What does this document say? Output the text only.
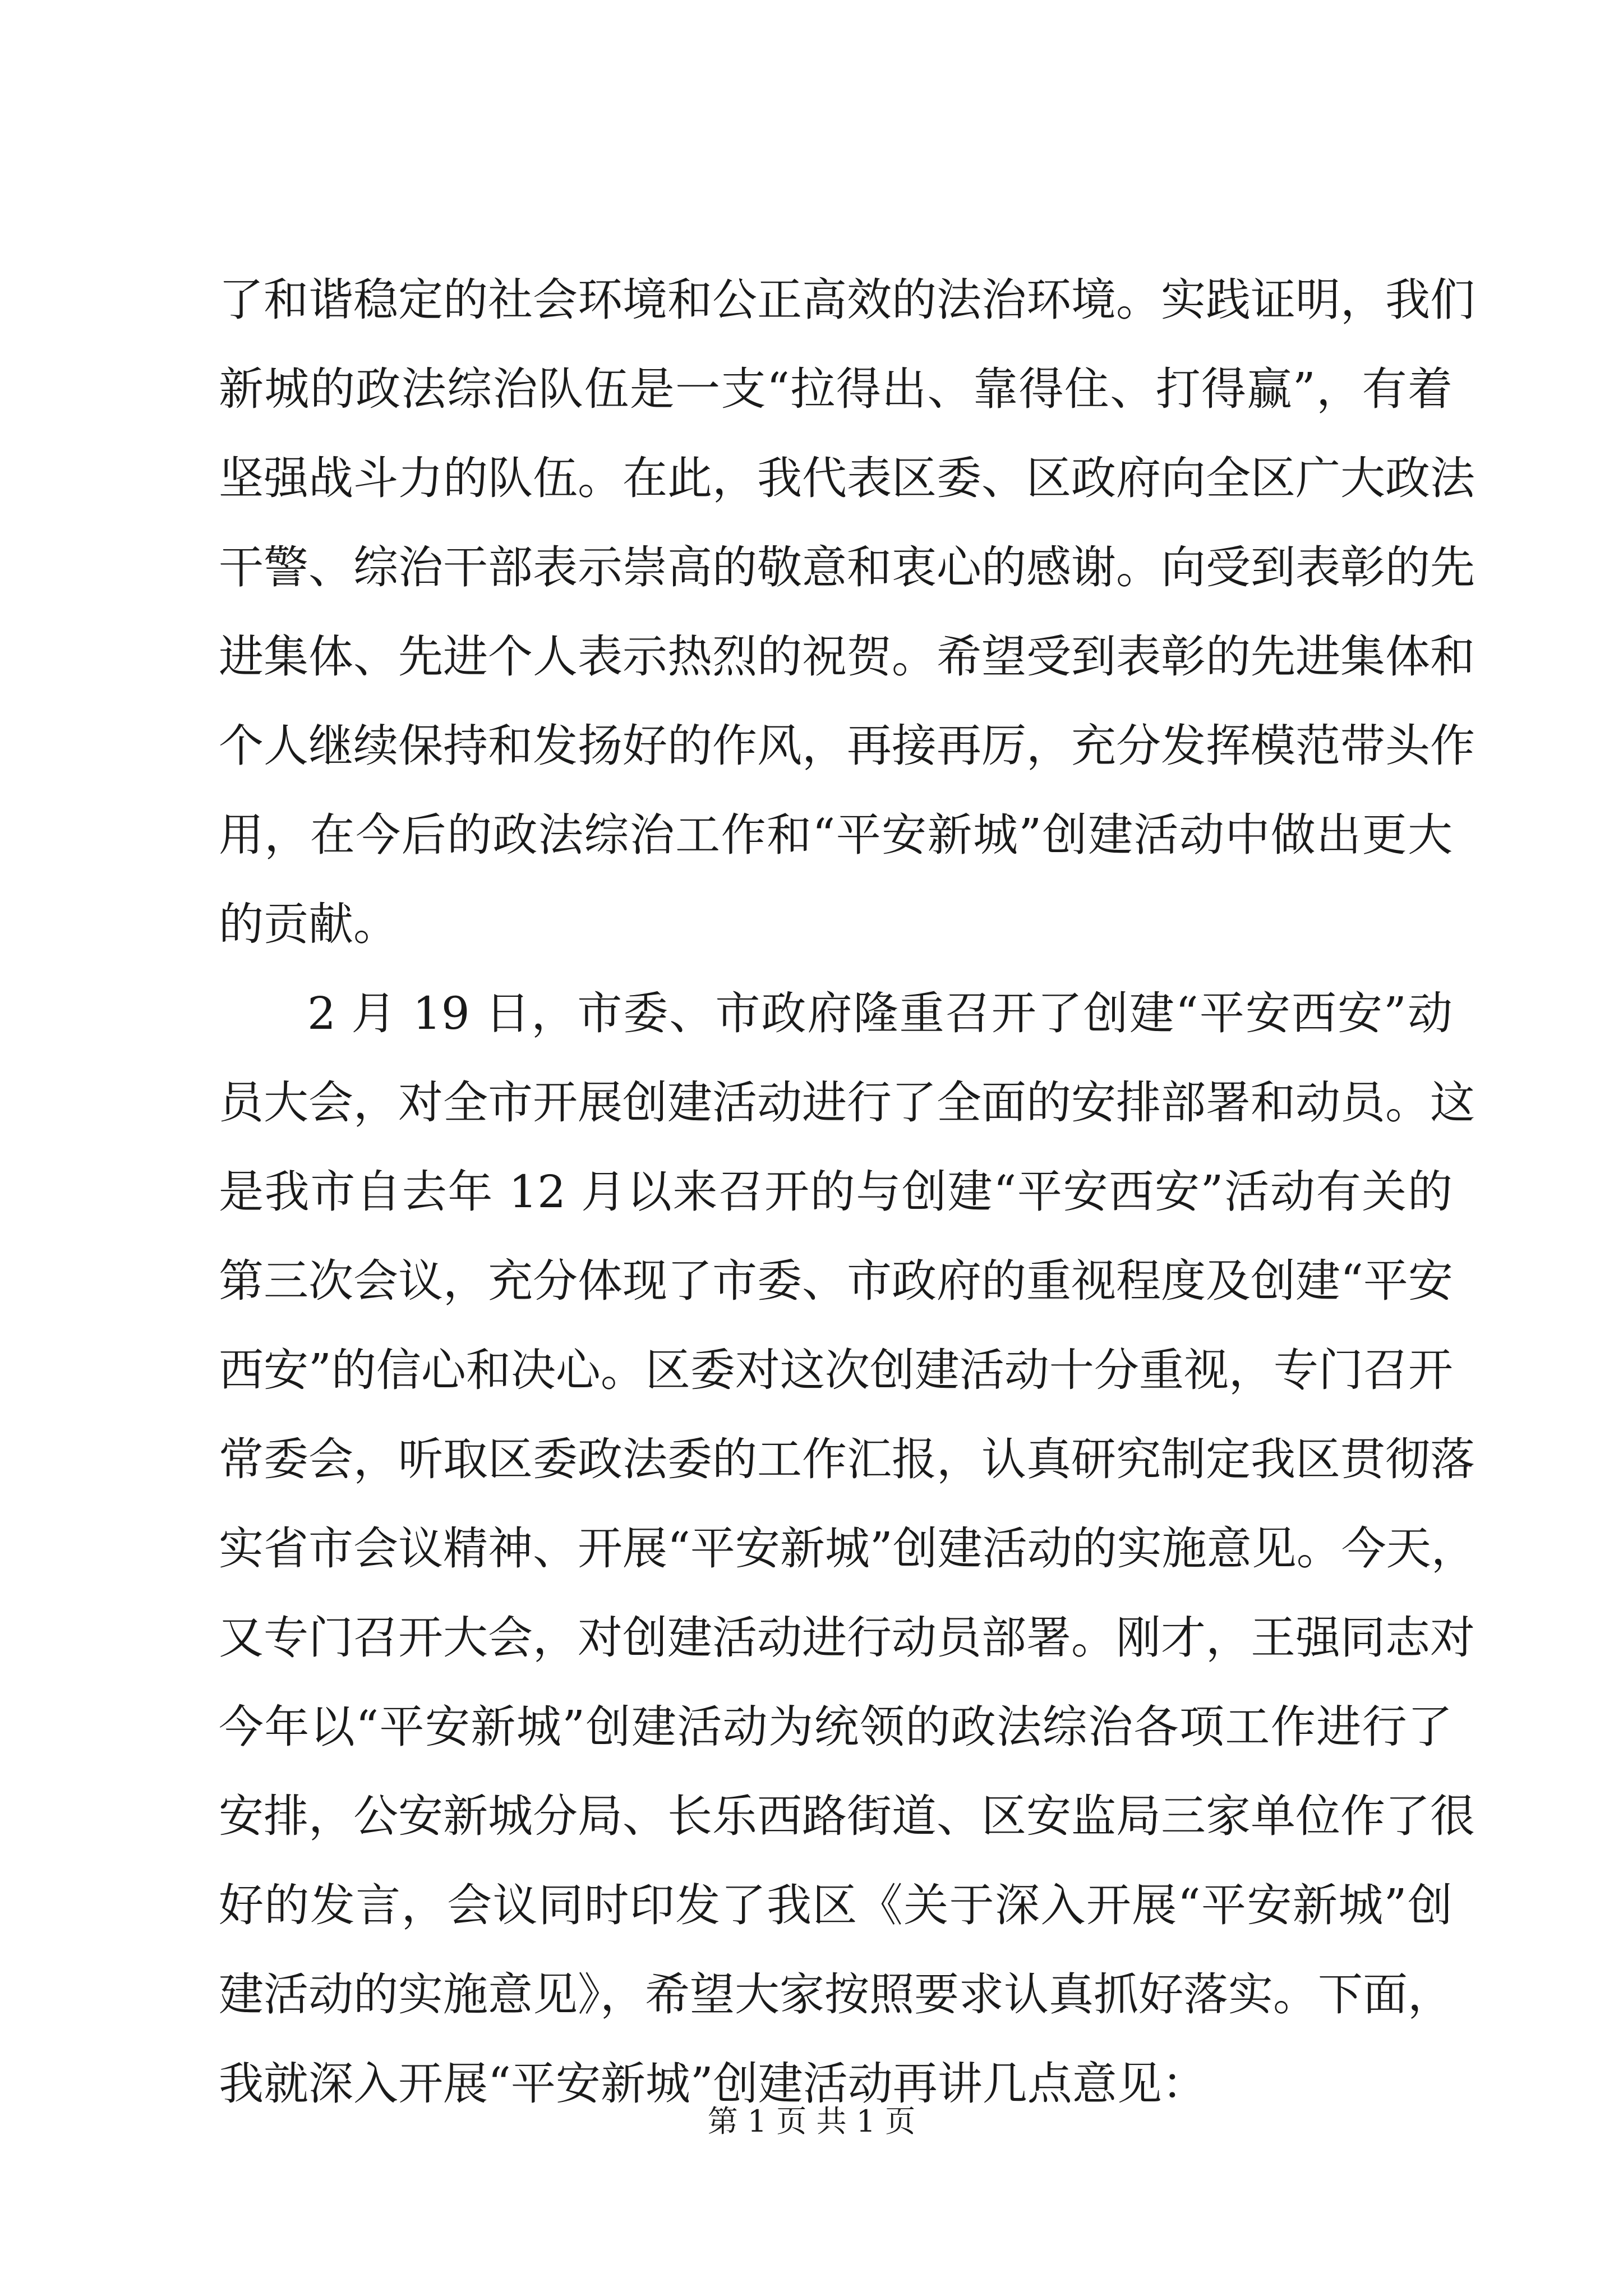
了和谐稳定的社会环境和公正高效的法治环境。实践证明，我们
新城的政法综治队伍是一支“拉得出、靠得住、打得赢”，有着
坚强战斗力的队伍。在此，我代表区委、区政府向全区广大政法
干警、综治干部表示崇高的敬意和衷心的感谢。向受到表彰的先
进集体、先进个人表示热烈的祝贺。希望受到表彰的先进集体和
个人继续保持和发扬好的作风，再接再厉，充分发挥模范带头作
用，在今后的政法综治工作和“平安新城”创建活动中做出更大
的贡献。
2 月 19 日，市委、市政府隆重召开了创建“平安西安”动
员大会，对全市开展创建活动进行了全面的安排部署和动员。这
是我市自去年 12 月以来召开的与创建“平安西安”活动有关的
第三次会议，充分体现了市委、市政府的重视程度及创建“平安
西安”的信心和决心。区委对这次创建活动十分重视，专门召开
常委会，听取区委政法委的工作汇报，认真研究制定我区贯彻落
实省市会议精神、开展“平安新城”创建活动的实施意见。今天，
又专门召开大会，对创建活动进行动员部署。刚才，王强同志对
今年以“平安新城”创建活动为统领的政法综治各项工作进行了
安排，公安新城分局、长乐西路街道、区安监局三家单位作了很
好的发言，会议同时印发了我区《关于深入开展“平安新城”创
建活动的实施意见》，希望大家按照要求认真抓好落实。下面，
我就深入开展“平安新城”创建活动再讲几点意见：
第 1 页 共 1 页
